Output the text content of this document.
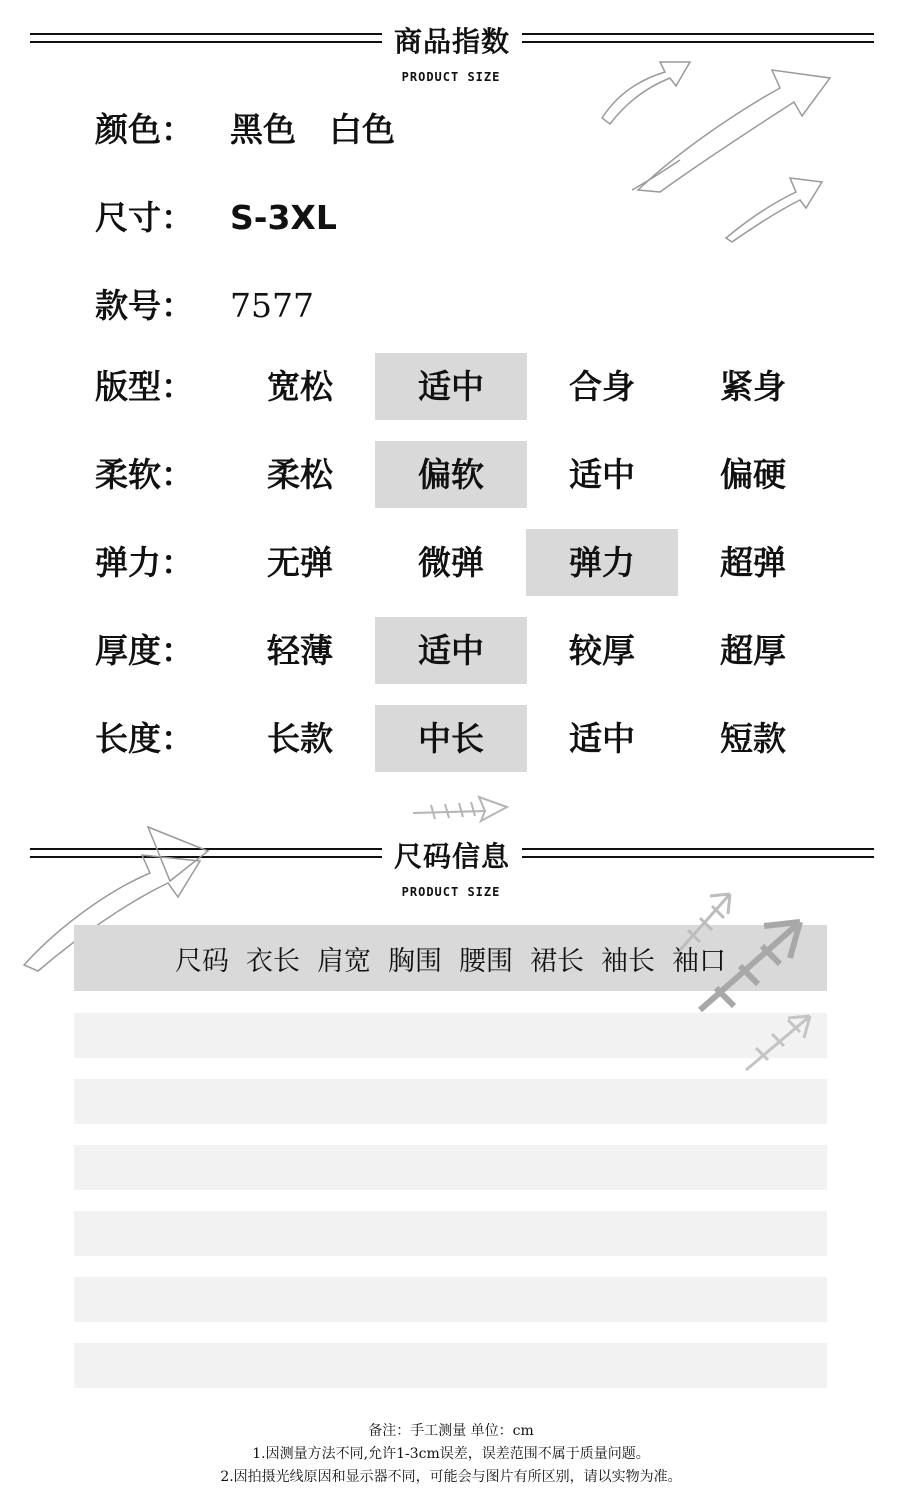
商品指数
PRODUCT SIZE
颜色： 黑色　白色
尺寸： S-3XL
款号： 7577
版型：	宽松	适中	合身	紧身
柔软：	柔松	偏软	适中	偏硬
弹力：	无弹	微弹	弹力	超弹
厚度：	轻薄	适中	较厚	超厚
长度：	长款	中长	适中	短款
尺码信息
PRODUCT SIZE
尺码 衣长 肩宽 胸围 腰围 裙长 袖长 袖口
备注：手工测量 单位：cm
1.因测量方法不同,允许1-3cm误差，误差范围不属于质量问题。
2.因拍摄光线原因和显示器不同，可能会与图片有所区别，请以实物为准。
